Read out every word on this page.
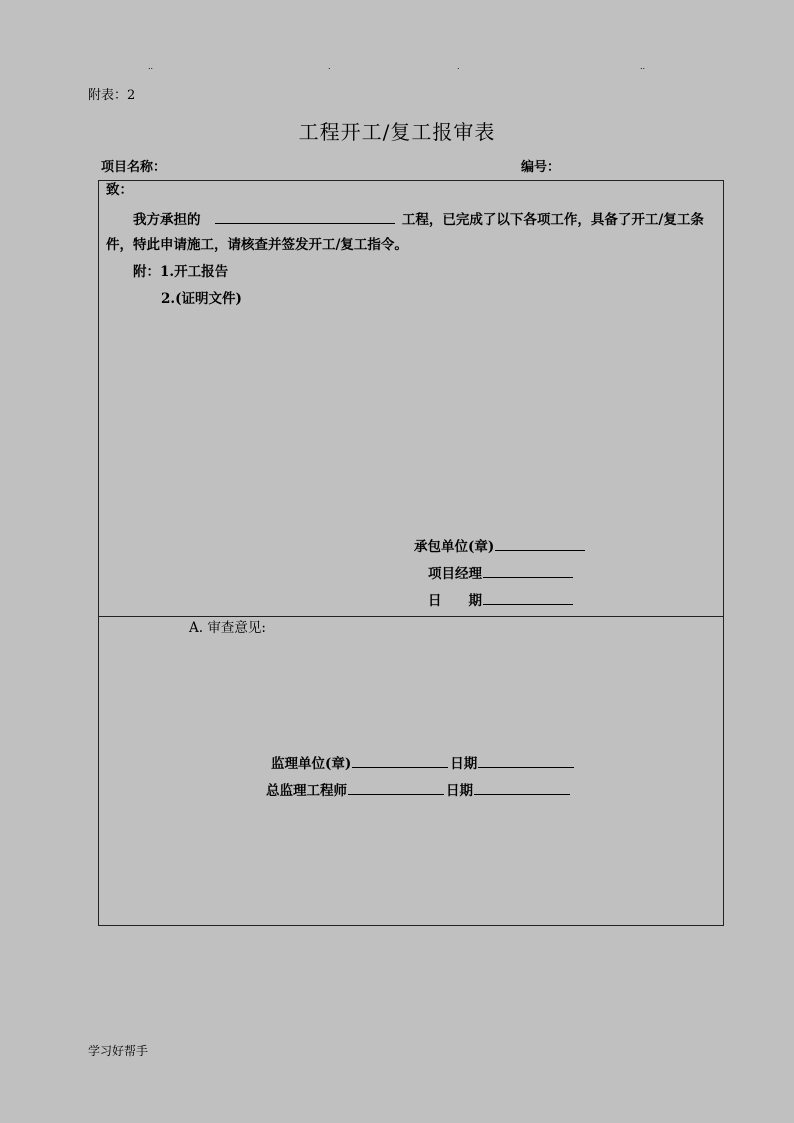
..	.	.	..
附表：2
工程开工/复工报审表
项目名称：	编号：
致：
我方承担的	工程，已完成了以下各项工作，具备了开工/复工条
件，特此申请施工，请核查并签发开工/复工指令。
附：1.开工报告
2.(证明文件)
承包单位(章)
项目经理
日　　期
A. 审查意见:
监理单位(章)	日期
总监理工程师	日期
学习好帮手
